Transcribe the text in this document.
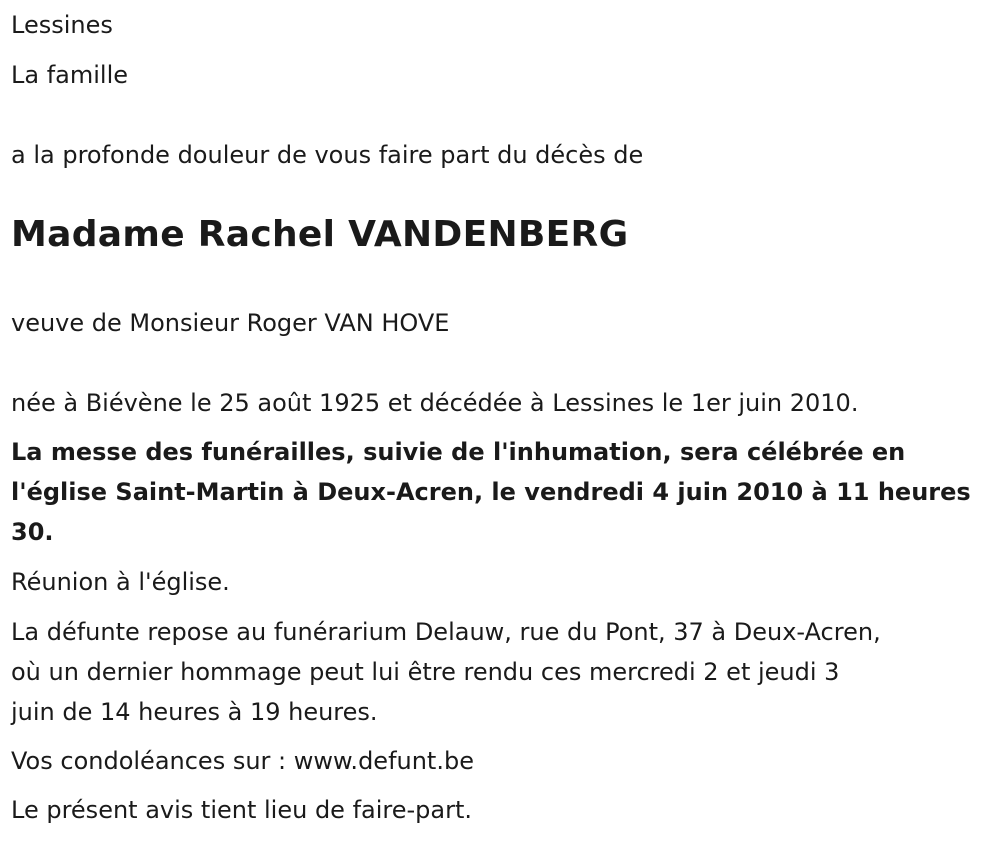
Lessines

La famille

a la profonde douleur de vous faire part du décès de

Madame Rachel VANDENBERG

veuve de Monsieur Roger VAN HOVE

née à Biévène le 25 août 1925 et décédée à Lessines le 1er juin 2010.

La messe des funérailles, suivie de l'inhumation, sera célébrée en
l'église Saint-Martin à Deux-Acren, le vendredi 4 juin 2010 à 11 heures
30.

Réunion à l'église.

La défunte repose au funérarium Delauw, rue du Pont, 37 à Deux-Acren,
où un dernier hommage peut lui être rendu ces mercredi 2 et jeudi 3
juin de 14 heures à 19 heures.

Vos condoléances sur : www.defunt.be

Le présent avis tient lieu de faire-part.
